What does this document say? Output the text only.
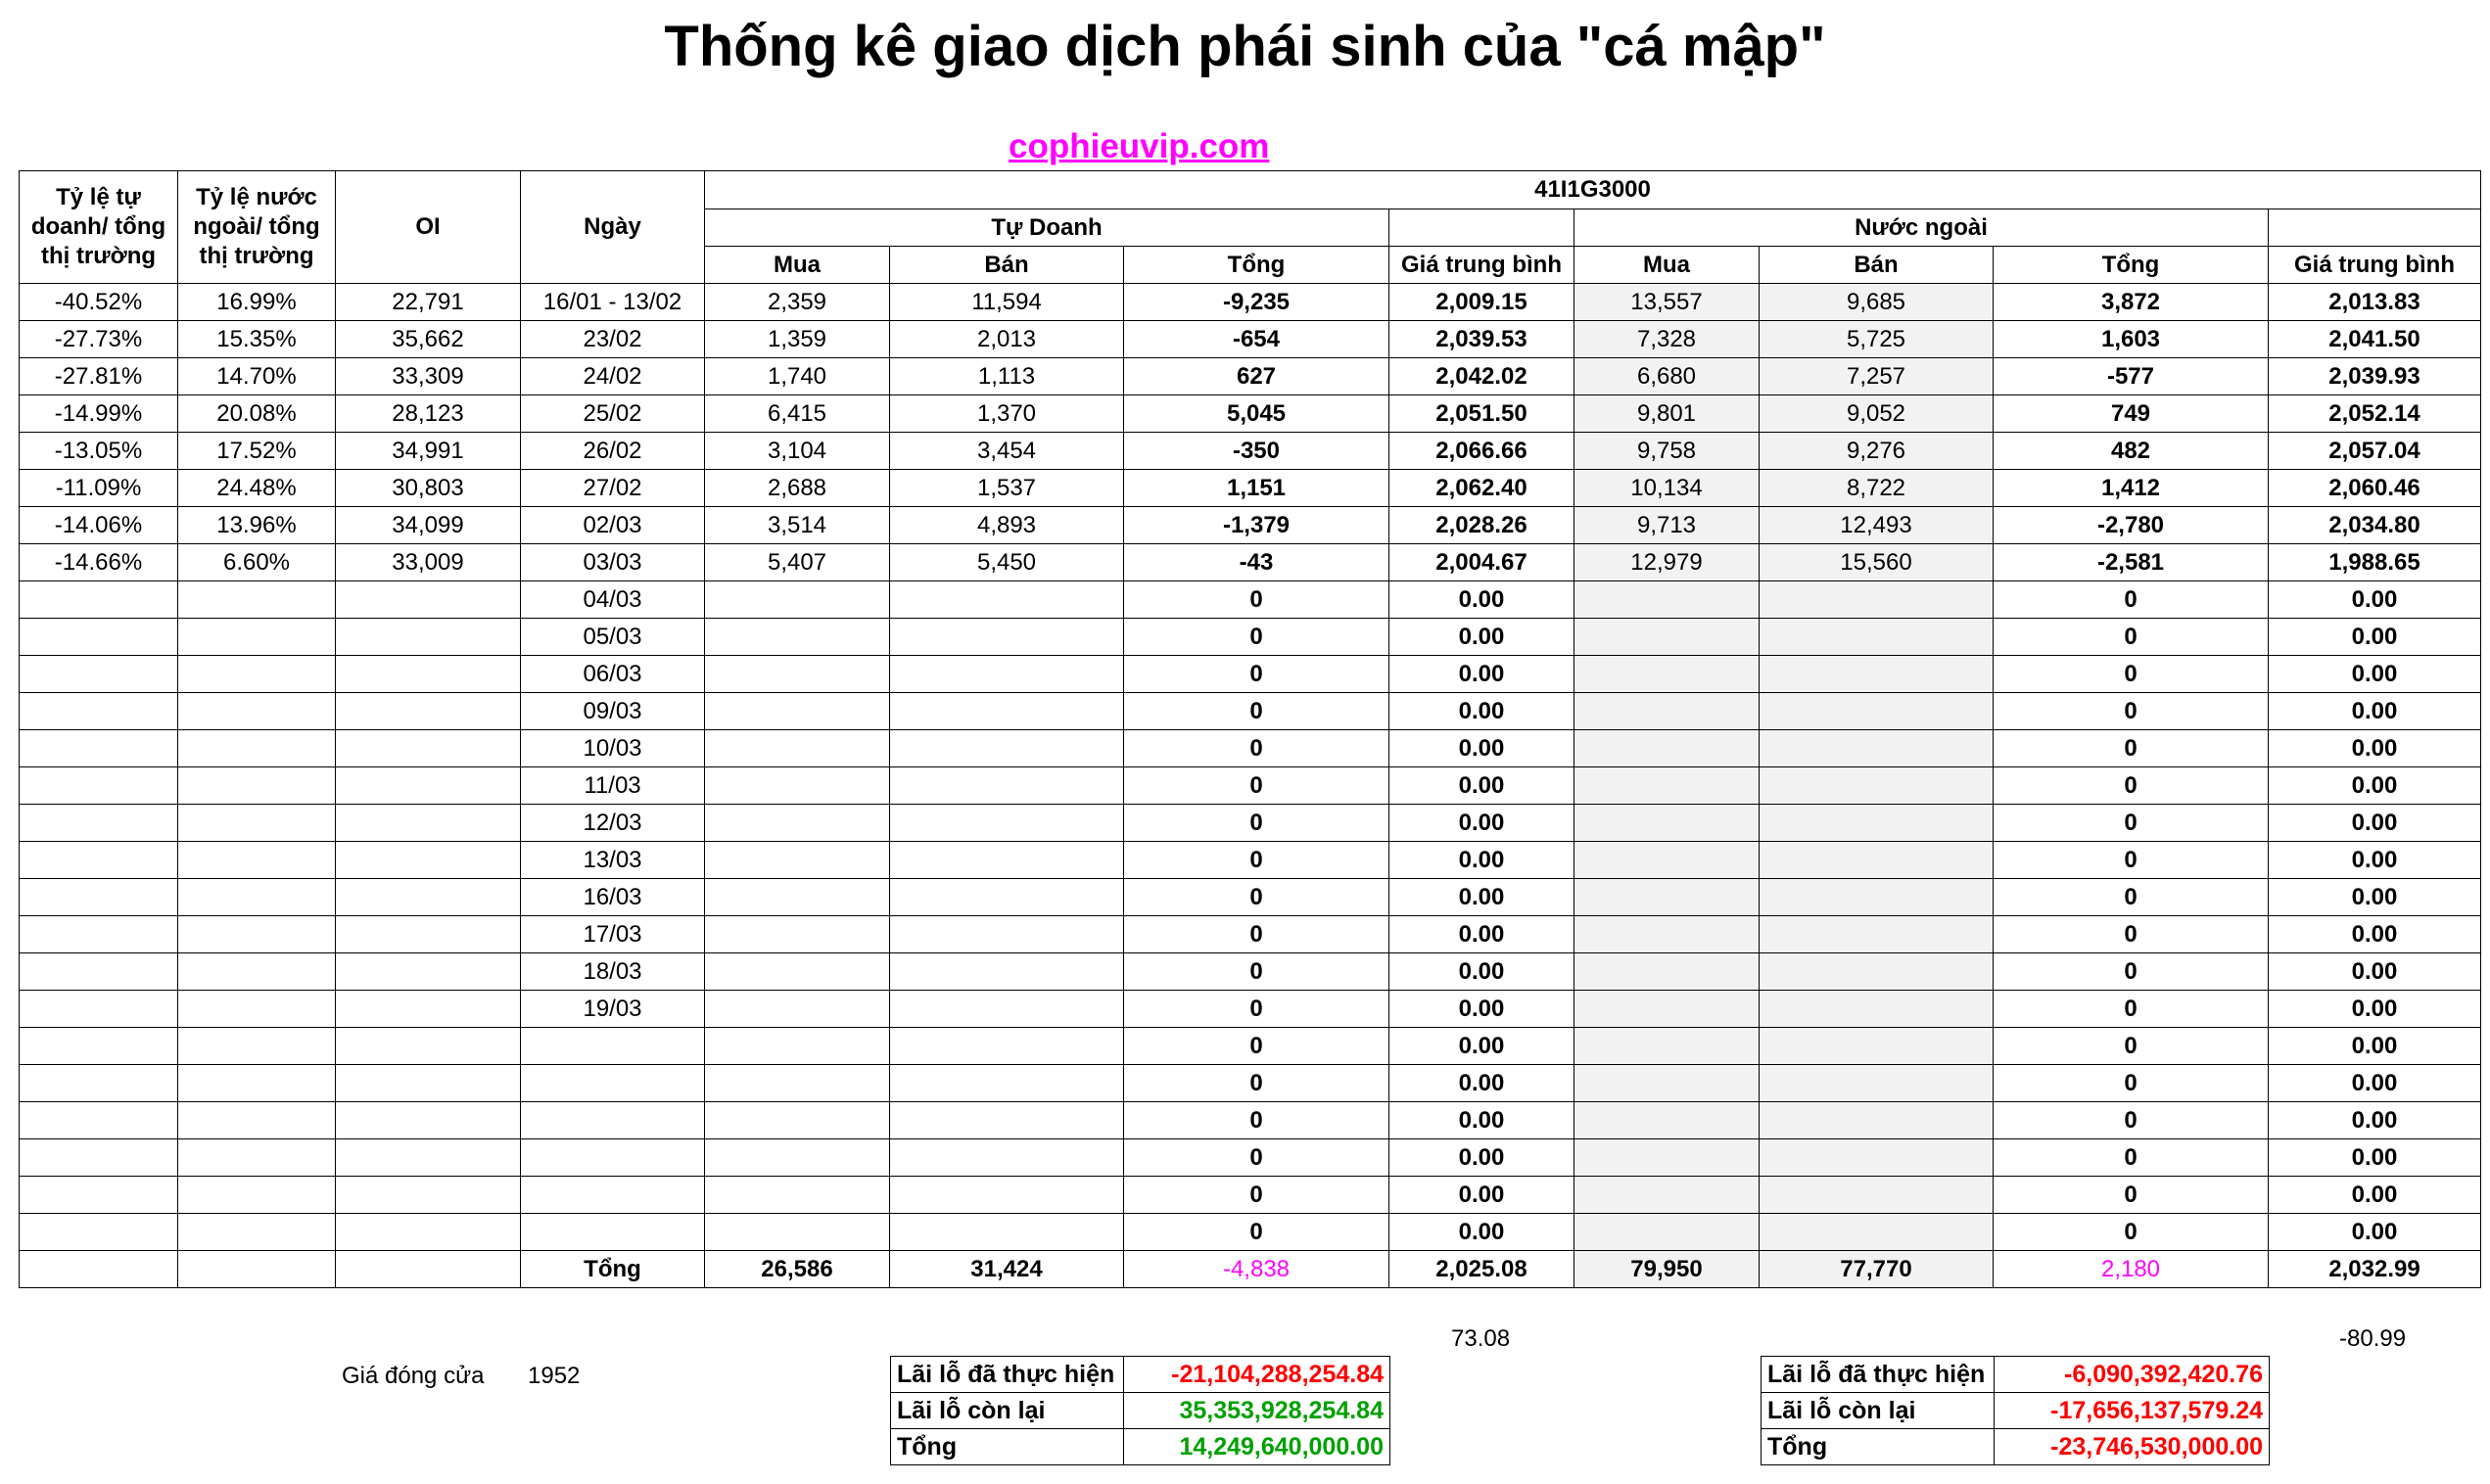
Thống kê giao dịch phái sinh của "cá mập"
cophieuvip.com
Tỷ lệ tự doanh/ tổng thị trường	Tỷ lệ nước ngoài/ tổng thị trường	OI	Ngày	41I1G3000							
				Tự Doanh				Nước ngoài			
				Mua	Bán	Tổng	Giá trung bình	Mua	Bán	Tổng	Giá trung bình
-40.52%	16.99%	22,791	16/01 - 13/02	2,359	11,594	-9,235	2,009.15	13,557	9,685	3,872	2,013.83
-27.73%	15.35%	35,662	23/02	1,359	2,013	-654	2,039.53	7,328	5,725	1,603	2,041.50
-27.81%	14.70%	33,309	24/02	1,740	1,113	627	2,042.02	6,680	7,257	-577	2,039.93
-14.99%	20.08%	28,123	25/02	6,415	1,370	5,045	2,051.50	9,801	9,052	749	2,052.14
-13.05%	17.52%	34,991	26/02	3,104	3,454	-350	2,066.66	9,758	9,276	482	2,057.04
-11.09%	24.48%	30,803	27/02	2,688	1,537	1,151	2,062.40	10,134	8,722	1,412	2,060.46
-14.06%	13.96%	34,099	02/03	3,514	4,893	-1,379	2,028.26	9,713	12,493	-2,780	2,034.80
-14.66%	6.60%	33,009	03/03	5,407	5,450	-43	2,004.67	12,979	15,560	-2,581	1,988.65
			04/03			0	0.00			0	0.00
			05/03			0	0.00			0	0.00
			06/03			0	0.00			0	0.00
			09/03			0	0.00			0	0.00
			10/03			0	0.00			0	0.00
			11/03			0	0.00			0	0.00
			12/03			0	0.00			0	0.00
			13/03			0	0.00			0	0.00
			16/03			0	0.00			0	0.00
			17/03			0	0.00			0	0.00
			18/03			0	0.00			0	0.00
			19/03			0	0.00			0	0.00
						0	0.00			0	0.00
						0	0.00			0	0.00
						0	0.00			0	0.00
						0	0.00			0	0.00
						0	0.00			0	0.00
						0	0.00			0	0.00
			Tổng	26,586	31,424	-4,838	2,025.08	79,950	77,770	2,180	2,032.99
73.08	-80.99
Giá đóng cửa 1952	Lãi lỗ đã thực hiện	-21,104,288,254.84
Lãi lỗ còn lại	35,353,928,254.84
Tổng	14,249,640,000.00
Lãi lỗ đã thực hiện	-6,090,392,420.76
Lãi lỗ còn lại	-17,656,137,579.24
Tổng	-23,746,530,000.00
